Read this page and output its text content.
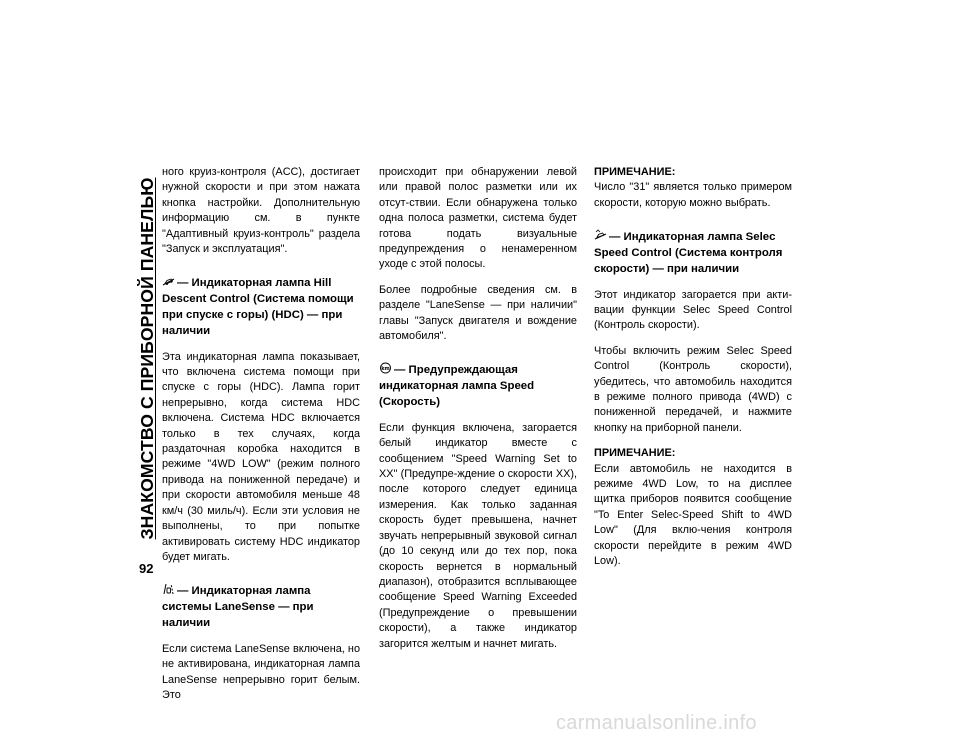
ЗНАКОМСТВО С ПРИБОРНОЙ ПАНЕЛЬЮ
92

ного круиз-контроля (ACC), достигает нужной скорости и при этом нажата кнопка настройки. Дополнительную информацию см. в пункте "Адаптивный круиз-контроль" раздела "Запуск и эксплуатация".

— Индикаторная лампа Hill Descent Control (Система помощи при спуске с горы) (HDC) — при наличии

Эта индикаторная лампа показывает, что включена система помощи при спуске с горы (HDC). Лампа горит непрерывно, когда система HDC включена. Система HDC включается только в тех случаях, когда раздаточная коробка находится в режиме "4WD LOW" (режим полного привода на пониженной передаче) и при скорости автомобиля меньше 48 км/ч (30 миль/ч). Если эти условия не выполнены, то при попытке активировать систему HDC индикатор будет мигать.

— Индикаторная лампа системы LaneSense — при наличии

Если система LaneSense включена, но не активирована, индикаторная лампа LaneSense непрерывно горит белым. Это

происходит при обнаружении левой или правой полос разметки или их отсут-ствии. Если обнаружена только одна полоса разметки, система будет готова подать визуальные предупреждения о ненамеренном уходе с этой полосы.

Более подробные сведения см. в разделе "LaneSense — при наличии" главы "Запуск двигателя и вождение автомобиля".

km — Предупреждающая индикаторная лампа Speed (Скорость)

Если функция включена, загорается белый индикатор вместе с сообщением "Speed Warning Set to XX" (Предупре-ждение о скорости XX), после которого следует единица измерения. Как только заданная скорость будет превышена, начнет звучать непрерывный звуковой сигнал (до 10 секунд или до тех пор, пока скорость вернется в нормальный диапазон), отобразится всплывающее сообщение Speed Warning Exceeded (Предупреждение о превышении скорости), а также индикатор загорится желтым и начнет мигать.

ПРИМЕЧАНИЕ:

Число "31" является только примером скорости, которую можно выбрать.

— Индикаторная лампа Selec Speed Control (Система контроля скорости) — при наличии

Этот индикатор загорается при акти-вации функции Selec Speed Control (Контроль скорости).

Чтобы включить режим Selec Speed Control (Контроль скорости), убедитесь, что автомобиль находится в режиме полного привода (4WD) с пониженной передачей, и нажмите кнопку на приборной панели.

ПРИМЕЧАНИЕ:

Если автомобиль не находится в режиме 4WD Low, то на дисплее щитка приборов появится сообщение "To Enter Selec-Speed Shift to 4WD Low" (Для вклю-чения контроля скорости перейдите в режим 4WD Low).

carmanualsonline.info
